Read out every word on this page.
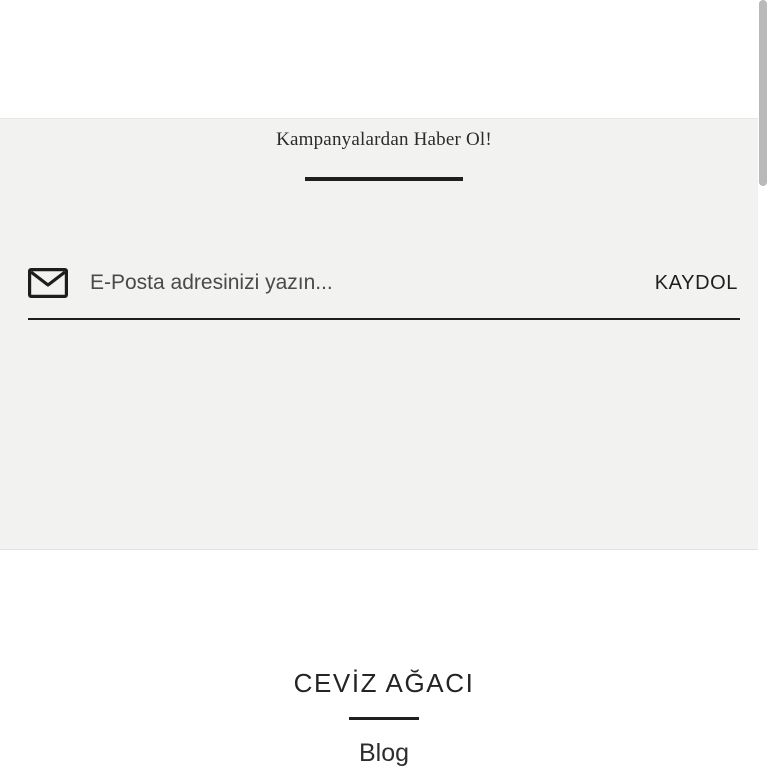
Kampanyalardan Haber Ol!
E-Posta adresinizi yazın...
KAYDOL
CEVİZ AĞACI
Blog
